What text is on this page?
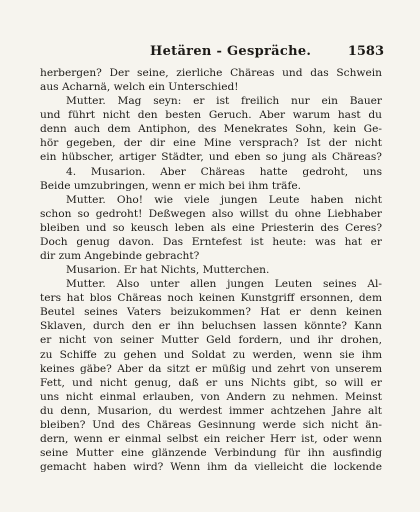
Hetären - Gespräche.	1583
herbergen? Der seine, zierliche Chäreas und das Schwein
aus Acharnä, welch ein Unterschied!
Mutter. Mag seyn: er ist freilich nur ein Bauer
und führt nicht den besten Geruch. Aber warum hast du
denn auch dem Antiphon, des Menekrates Sohn, kein Ge-
hör gegeben, der dir eine Mine versprach? Ist der nicht
ein hübscher, artiger Städter, und eben so jung als Chäreas?
4. Musarion. Aber Chäreas hatte gedroht, uns
Beide umzubringen, wenn er mich bei ihm träfe.
Mutter. Oho! wie viele jungen Leute haben nicht
schon so gedroht! Deßwegen also willst du ohne Liebhaber
bleiben und so keusch leben als eine Priesterin des Ceres?
Doch genug davon. Das Erntefest ist heute: was hat er
dir zum Angebinde gebracht?
Musarion. Er hat Nichts, Mutterchen.
Mutter. Also unter allen jungen Leuten seines Al-
ters hat blos Chäreas noch keinen Kunstgriff ersonnen, dem
Beutel seines Vaters beizukommen? Hat er denn keinen
Sklaven, durch den er ihn beluchsen lassen könnte? Kann
er nicht von seiner Mutter Geld fordern, und ihr drohen,
zu Schiffe zu gehen und Soldat zu werden, wenn sie ihm
keines gäbe? Aber da sitzt er müßig und zehrt von unserem
Fett, und nicht genug, daß er uns Nichts gibt, so will er
uns nicht einmal erlauben, von Andern zu nehmen. Meinst
du denn, Musarion, du werdest immer achtzehen Jahre alt
bleiben? Und des Chäreas Gesinnung werde sich nicht än-
dern, wenn er einmal selbst ein reicher Herr ist, oder wenn
seine Mutter eine glänzende Verbindung für ihn ausfindig
gemacht haben wird? Wenn ihm da vielleicht die lockende
